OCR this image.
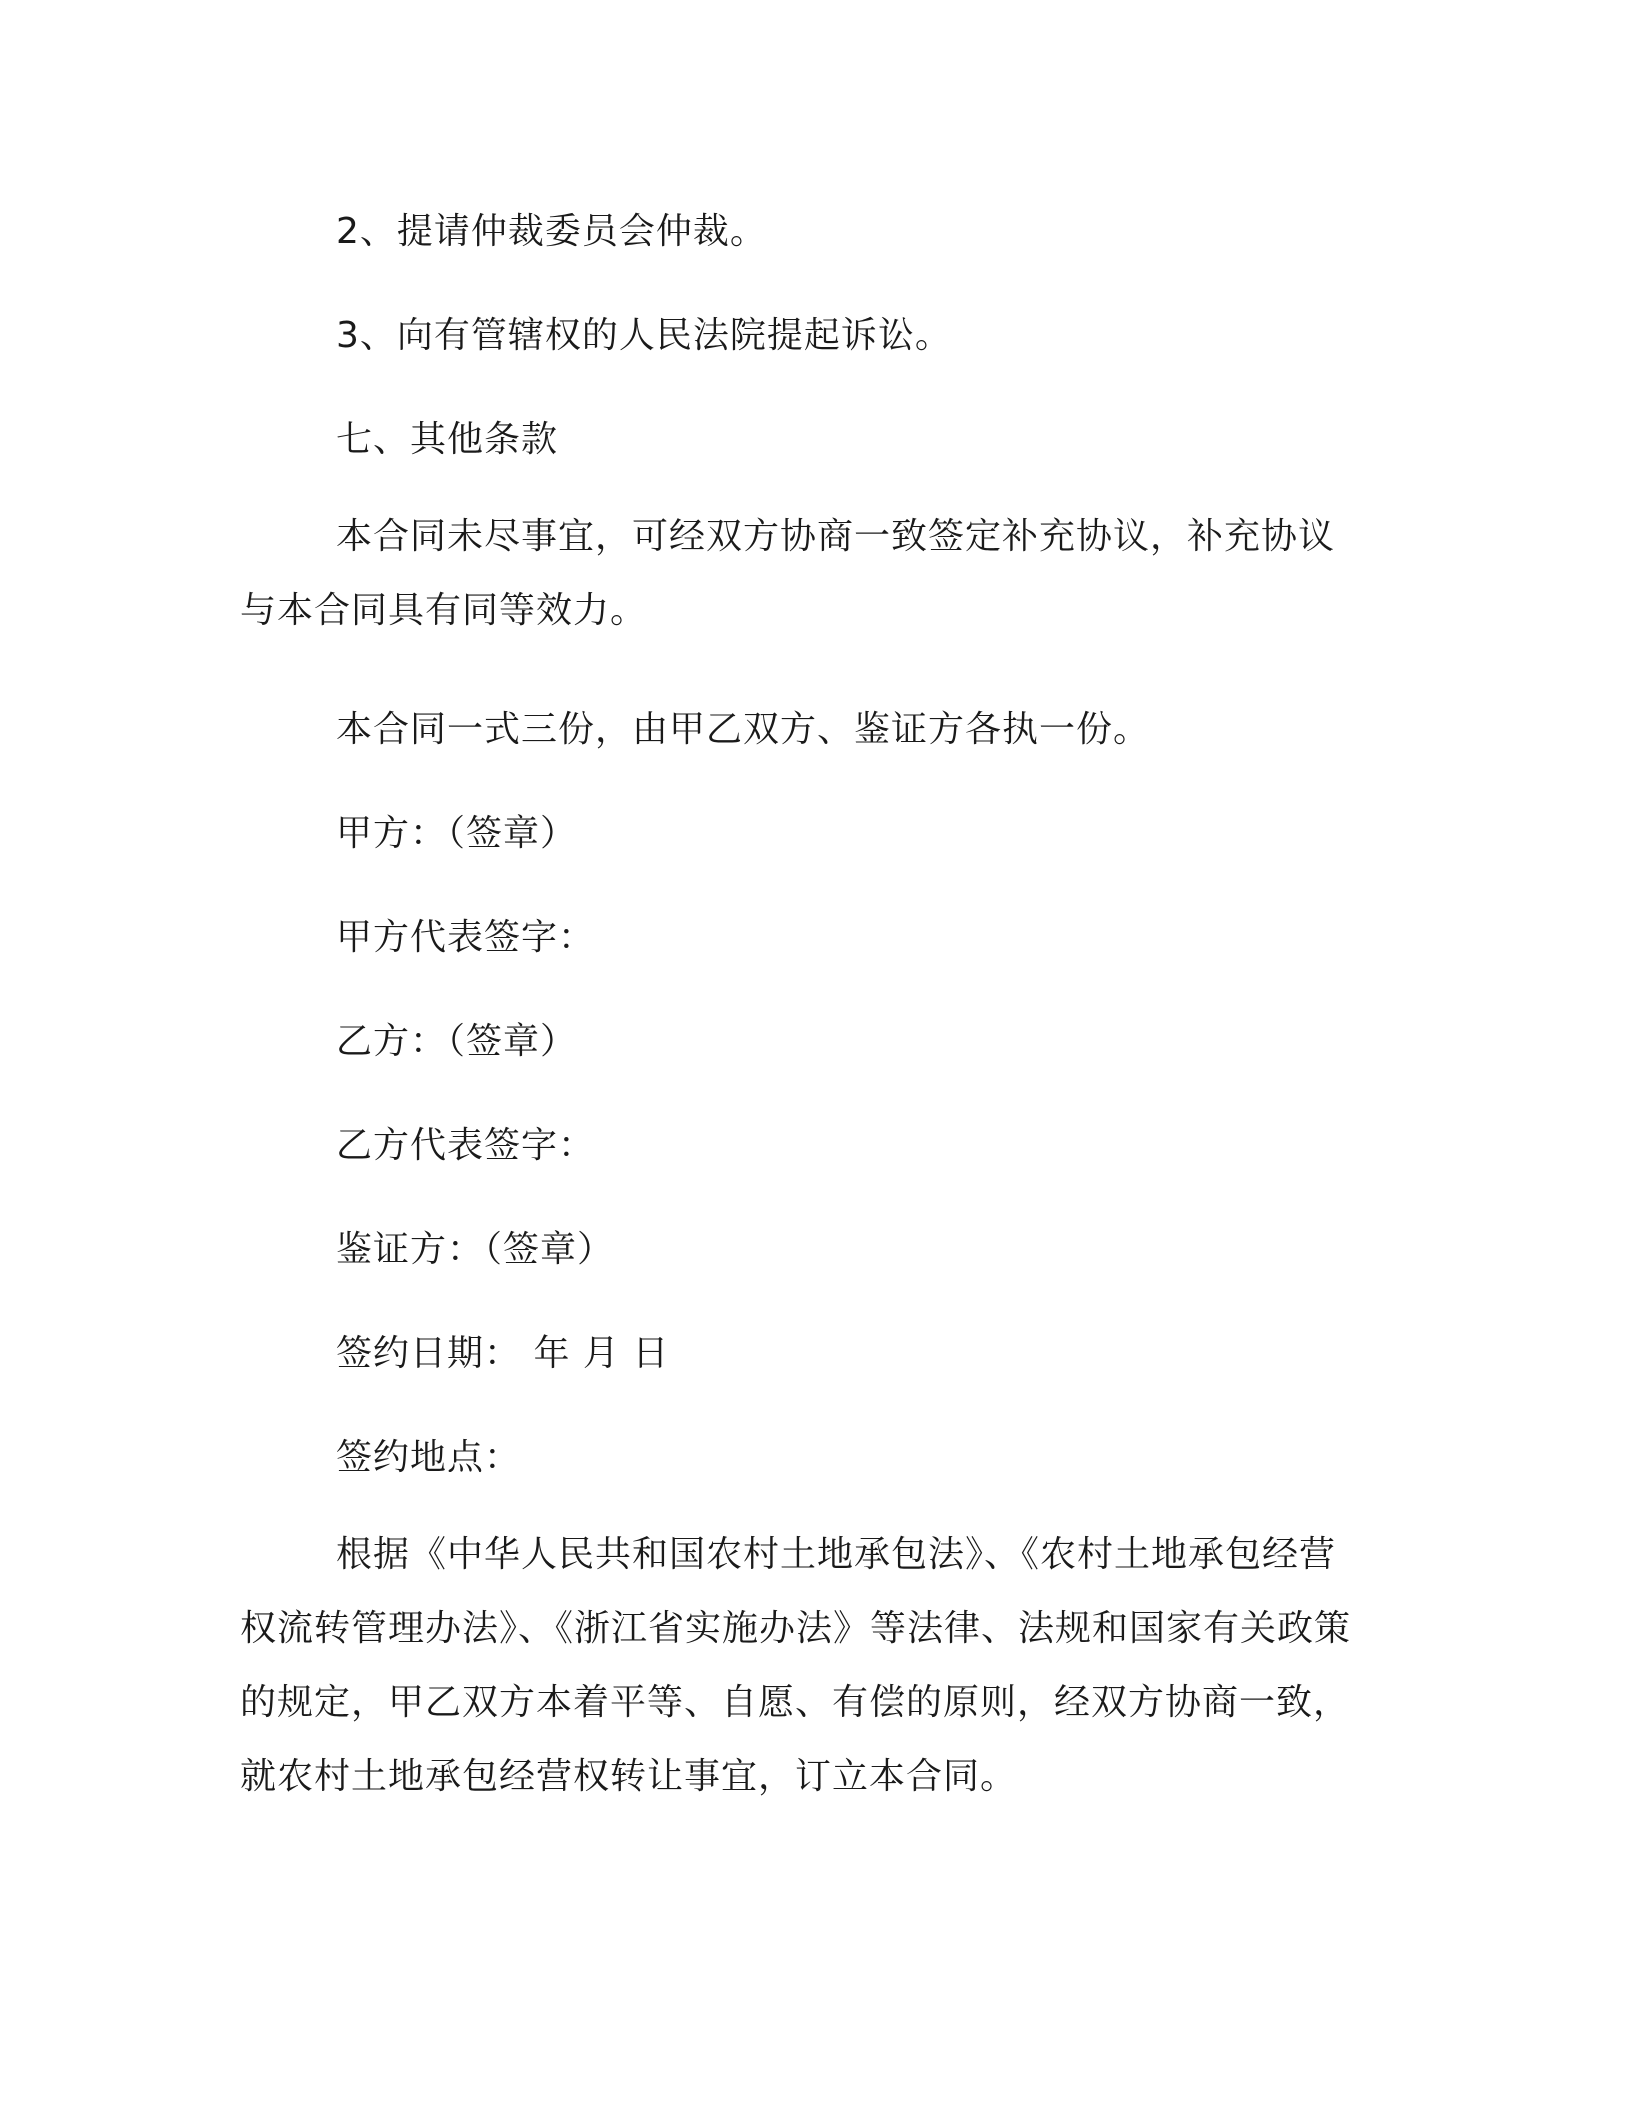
2、提请仲裁委员会仲裁。

3、向有管辖权的人民法院提起诉讼。

七、其他条款

本合同未尽事宜，可经双方协商一致签定补充协议，补充协议与本合同具有同等效力。

本合同一式三份，由甲乙双方、鉴证方各执一份。

甲方：（签章）

甲方代表签字：

乙方：（签章）

乙方代表签字：

鉴证方：（签章）

签约日期： 年 月 日

签约地点：

根据《中华人民共和国农村土地承包法》、《农村土地承包经营权流转管理办法》、《浙江省实施办法》等法律、法规和国家有关政策的规定，甲乙双方本着平等、自愿、有偿的原则，经双方协商一致，就农村土地承包经营权转让事宜，订立本合同。
